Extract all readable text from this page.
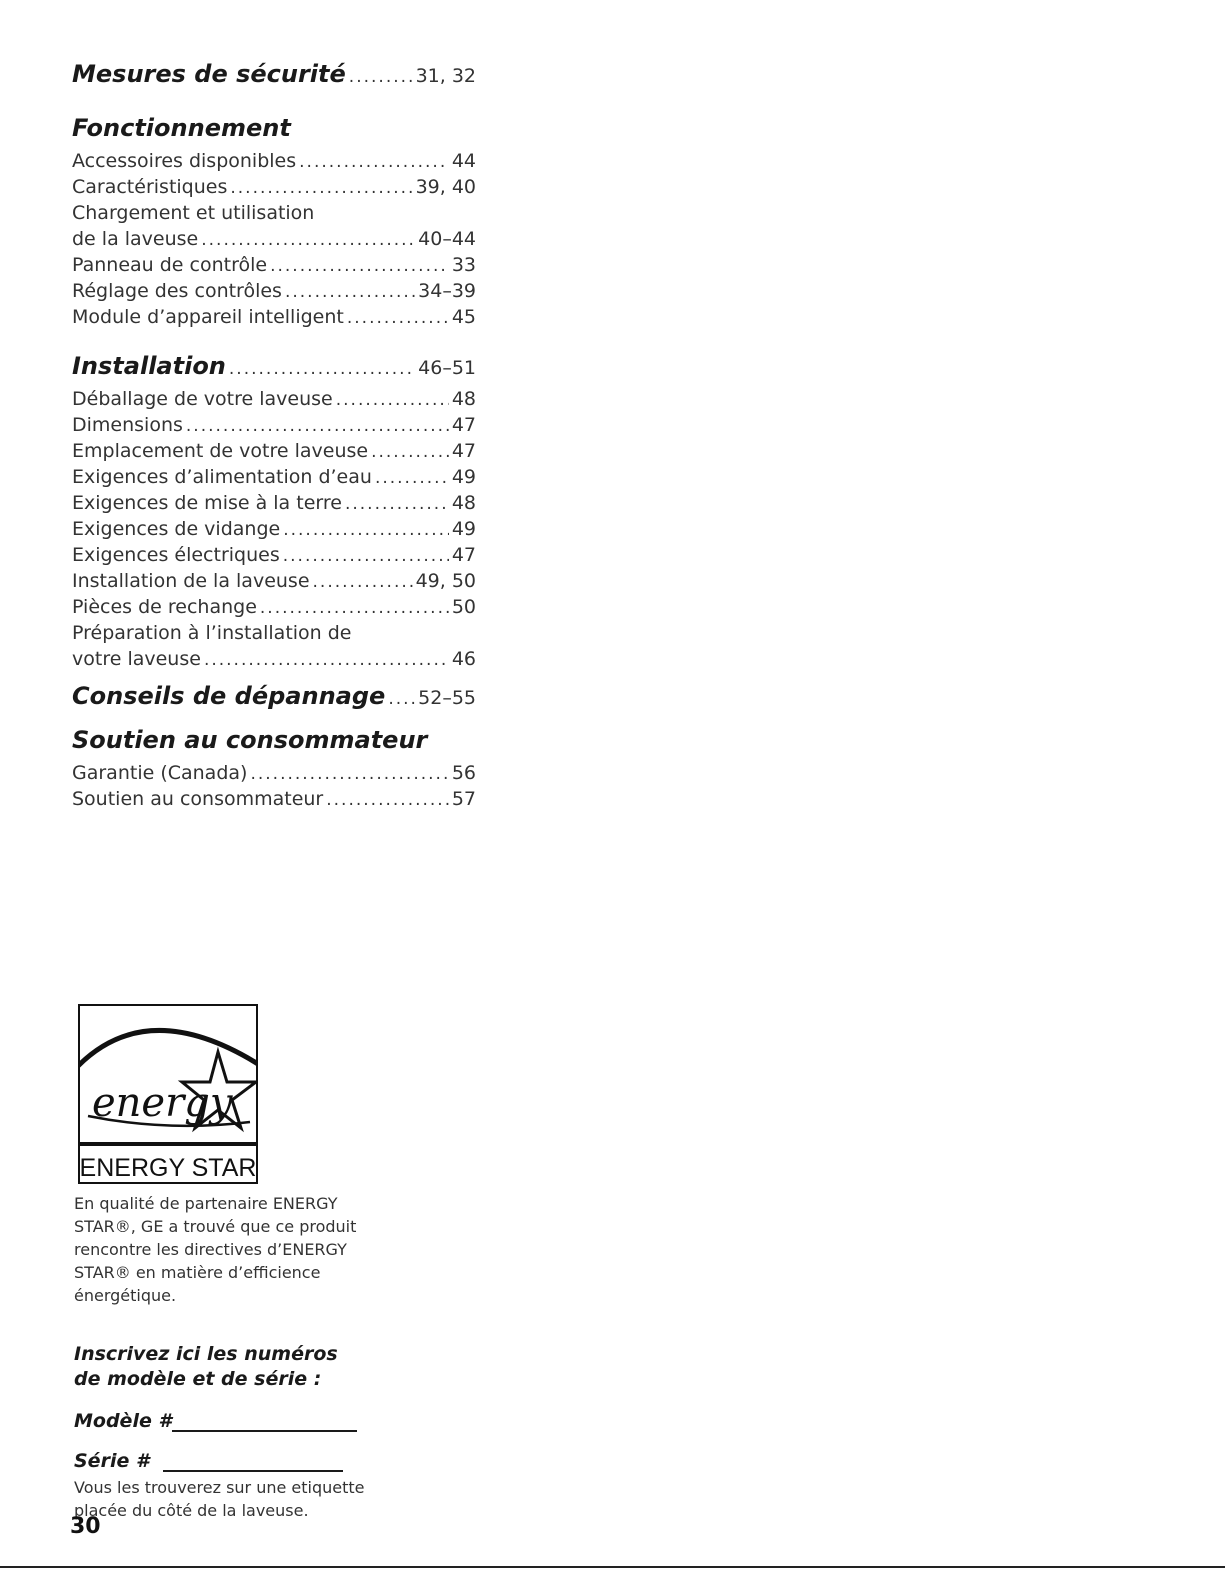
Mesures de sécurité .....	31, 32
Fonctionnement
Accessoires disponibles .....	44
Caractéristiques .....	39, 40
Chargement et utilisation
de la laveuse .....	40–44
Panneau de contrôle .....	33
Réglage des contrôles .....	34–39
Module d’appareil intelligent .....	45
Installation .....	46–51
Déballage de votre laveuse .....	48
Dimensions .....	47
Emplacement de votre laveuse .....	47
Exigences d’alimentation d’eau .....	49
Exigences de mise à la terre .....	48
Exigences de vidange .....	49
Exigences électriques .....	47
Installation de la laveuse .....	49, 50
Pièces de rechange .....	50
Préparation à l’installation de
votre laveuse .....	46
Conseils de dépannage ..... 52–55
Soutien au consommateur
Garantie (Canada) .....	56
Soutien au consommateur .....	57
energy
ENERGY STAR
En qualité de partenaire ENERGY STAR®, GE a trouvé que ce produit rencontre les directives d’ENERGY STAR® en matière d’efficience énergétique.
Inscrivez ici les numéros
de modèle et de série :
Modèle #
Série #
Vous les trouverez sur une etiquette placée du côté de la laveuse.
30
